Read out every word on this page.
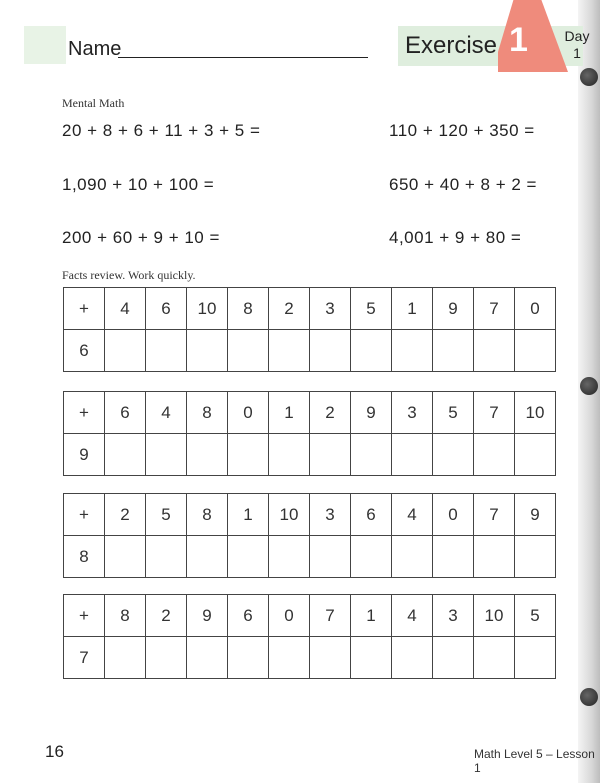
Name	Exercise 1	Day
1
Mental Math
20 + 8 + 6 + 11 + 3 + 5 =	110 + 120 + 350 =
1,090 + 10 + 100 =	650 + 40 + 8 + 2 =
200 + 60 + 9 + 10 =	4,001 + 9 + 80 =
Facts review. Work quickly.
+	4	6	10	8	2	3	5	1	9	7	0
6											
+	6	4	8	0	1	2	9	3	5	7	10
9											
+	2	5	8	1	10	3	6	4	0	7	9
8											
+	8	2	9	6	0	7	1	4	3	10	5
7											
16	Math Level 5 – Lesson 1
